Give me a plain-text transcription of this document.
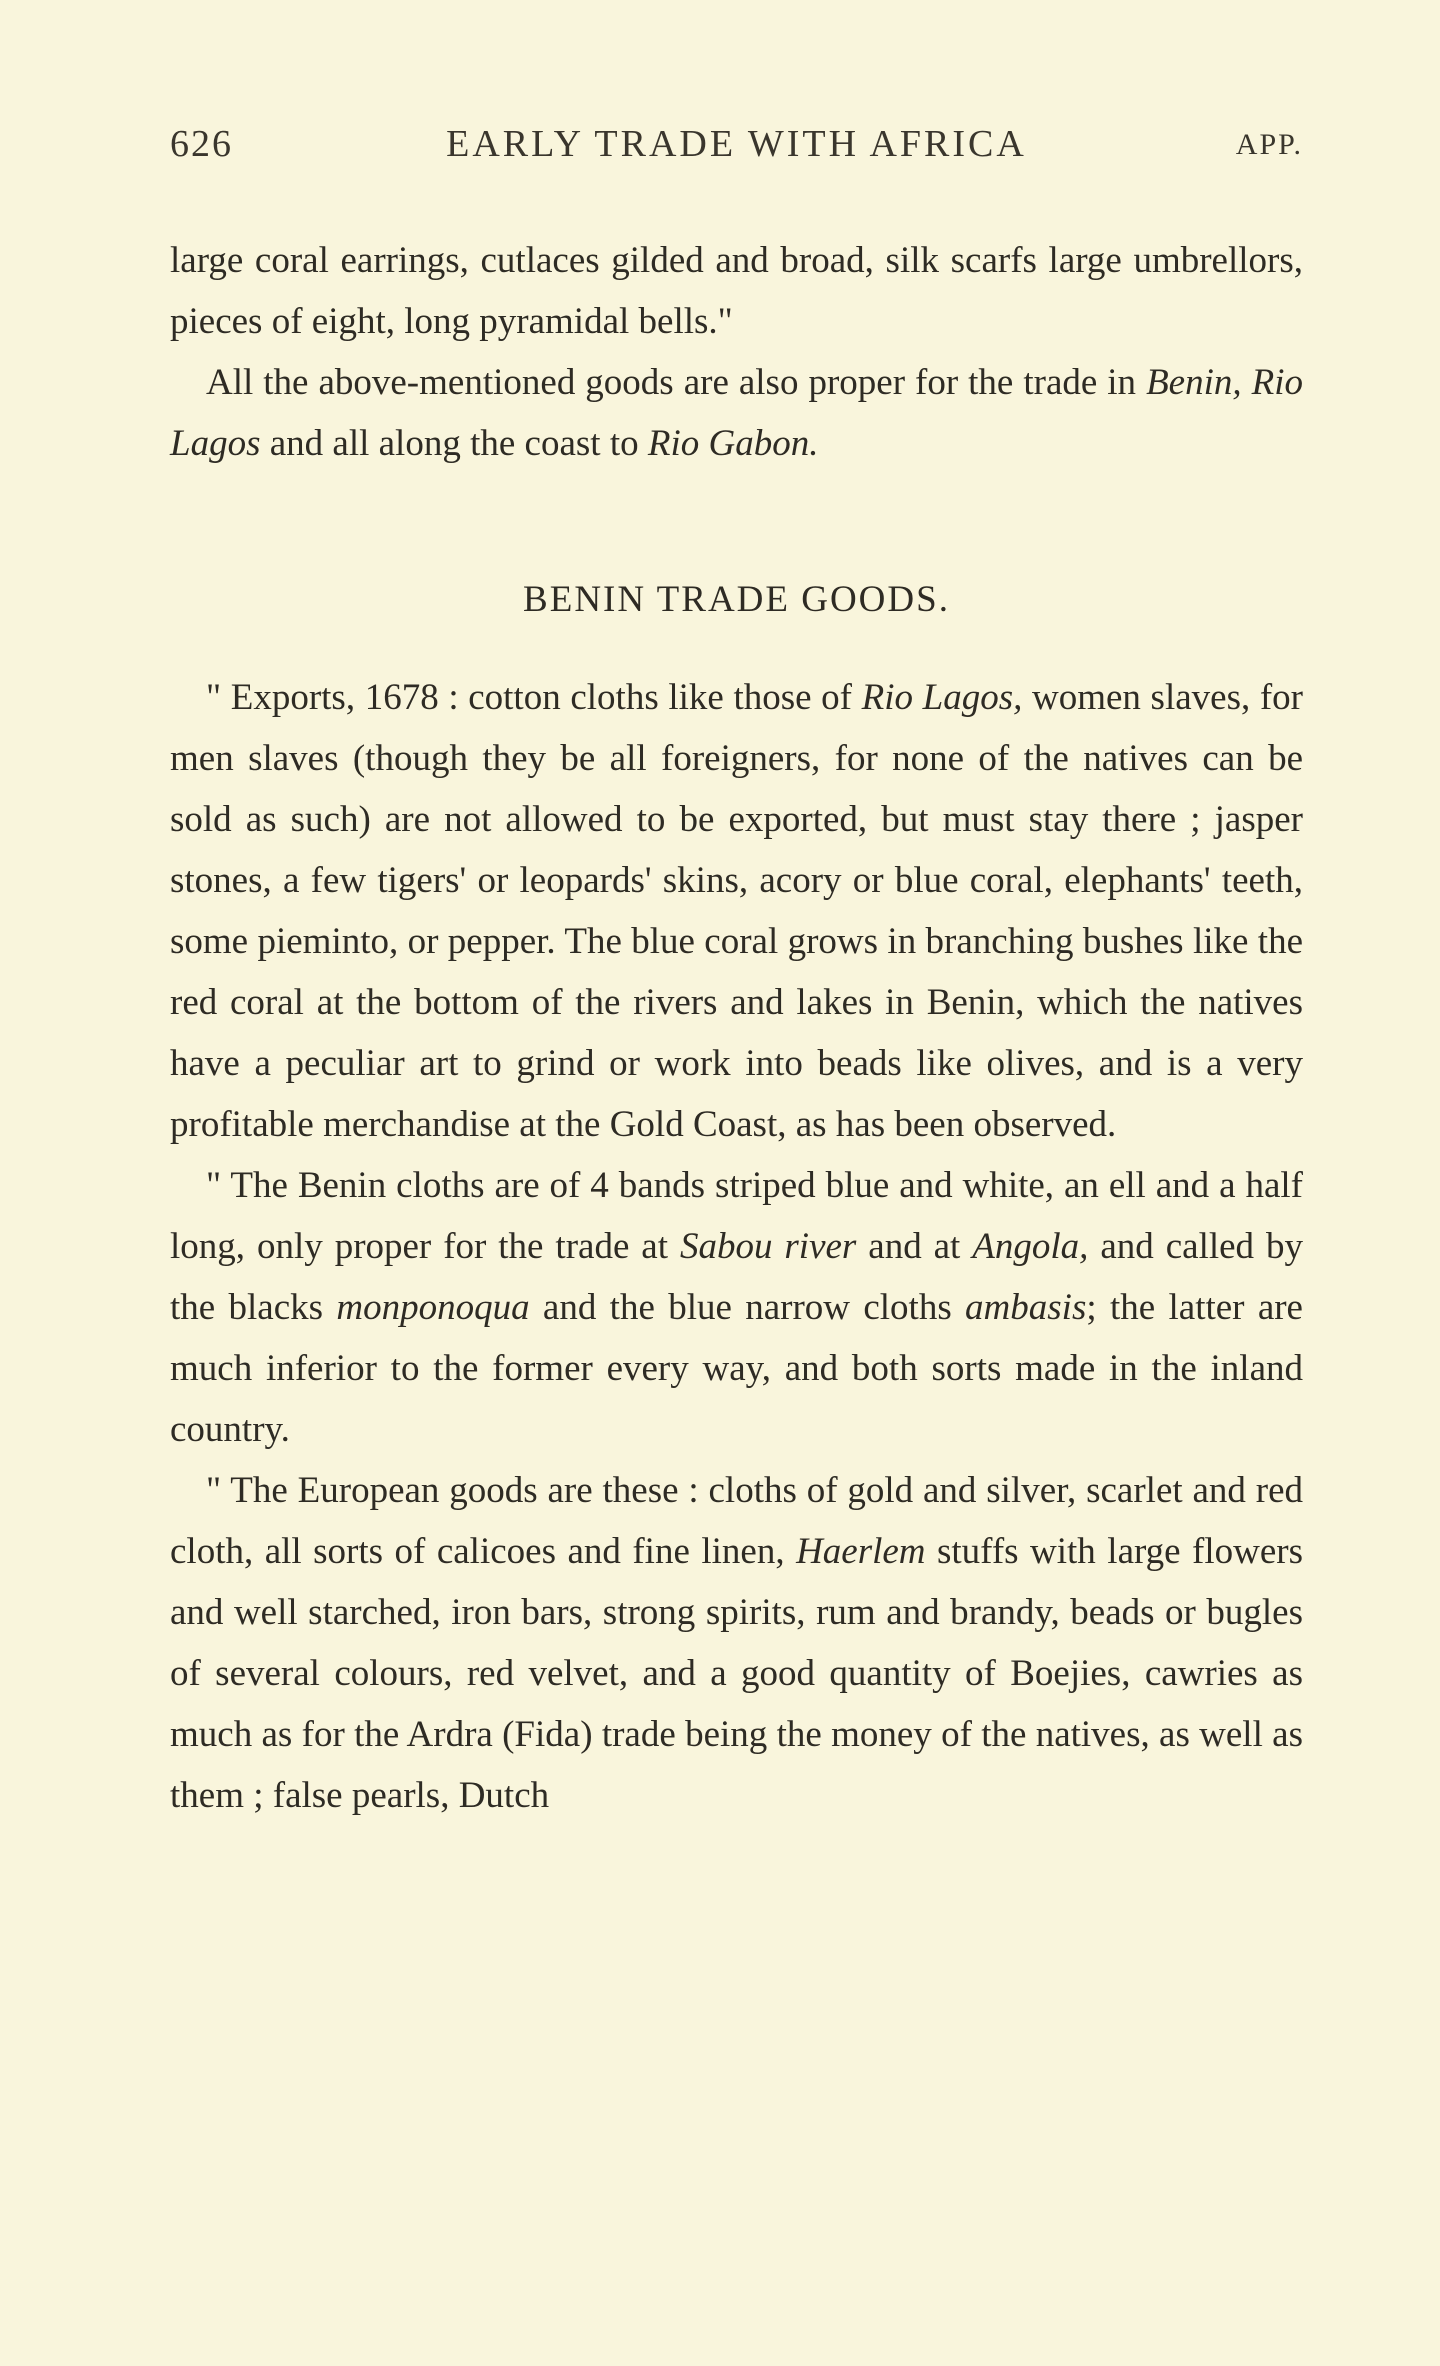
626	EARLY TRADE WITH AFRICA	APP.

large coral earrings, cutlaces gilded and broad, silk scarfs large umbrellors, pieces of eight, long pyramidal bells."

All the above-mentioned goods are also proper for the trade in Benin, Rio Lagos and all along the coast to Rio Gabon.

BENIN TRADE GOODS.

" Exports, 1678 : cotton cloths like those of Rio Lagos, women slaves, for men slaves (though they be all foreigners, for none of the natives can be sold as such) are not allowed to be exported, but must stay there ; jasper stones, a few tigers' or leopards' skins, acory or blue coral, elephants' teeth, some pieminto, or pepper. The blue coral grows in branching bushes like the red coral at the bottom of the rivers and lakes in Benin, which the natives have a peculiar art to grind or work into beads like olives, and is a very profitable merchandise at the Gold Coast, as has been observed.

" The Benin cloths are of 4 bands striped blue and white, an ell and a half long, only proper for the trade at Sabou river and at Angola, and called by the blacks monponoqua and the blue narrow cloths ambasis; the latter are much inferior to the former every way, and both sorts made in the inland country.

" The European goods are these : cloths of gold and silver, scarlet and red cloth, all sorts of calicoes and fine linen, Haerlem stuffs with large flowers and well starched, iron bars, strong spirits, rum and brandy, beads or bugles of several colours, red velvet, and a good quantity of Boejies, cawries as much as for the Ardra (Fida) trade being the money of the natives, as well as them ; false pearls, Dutch
